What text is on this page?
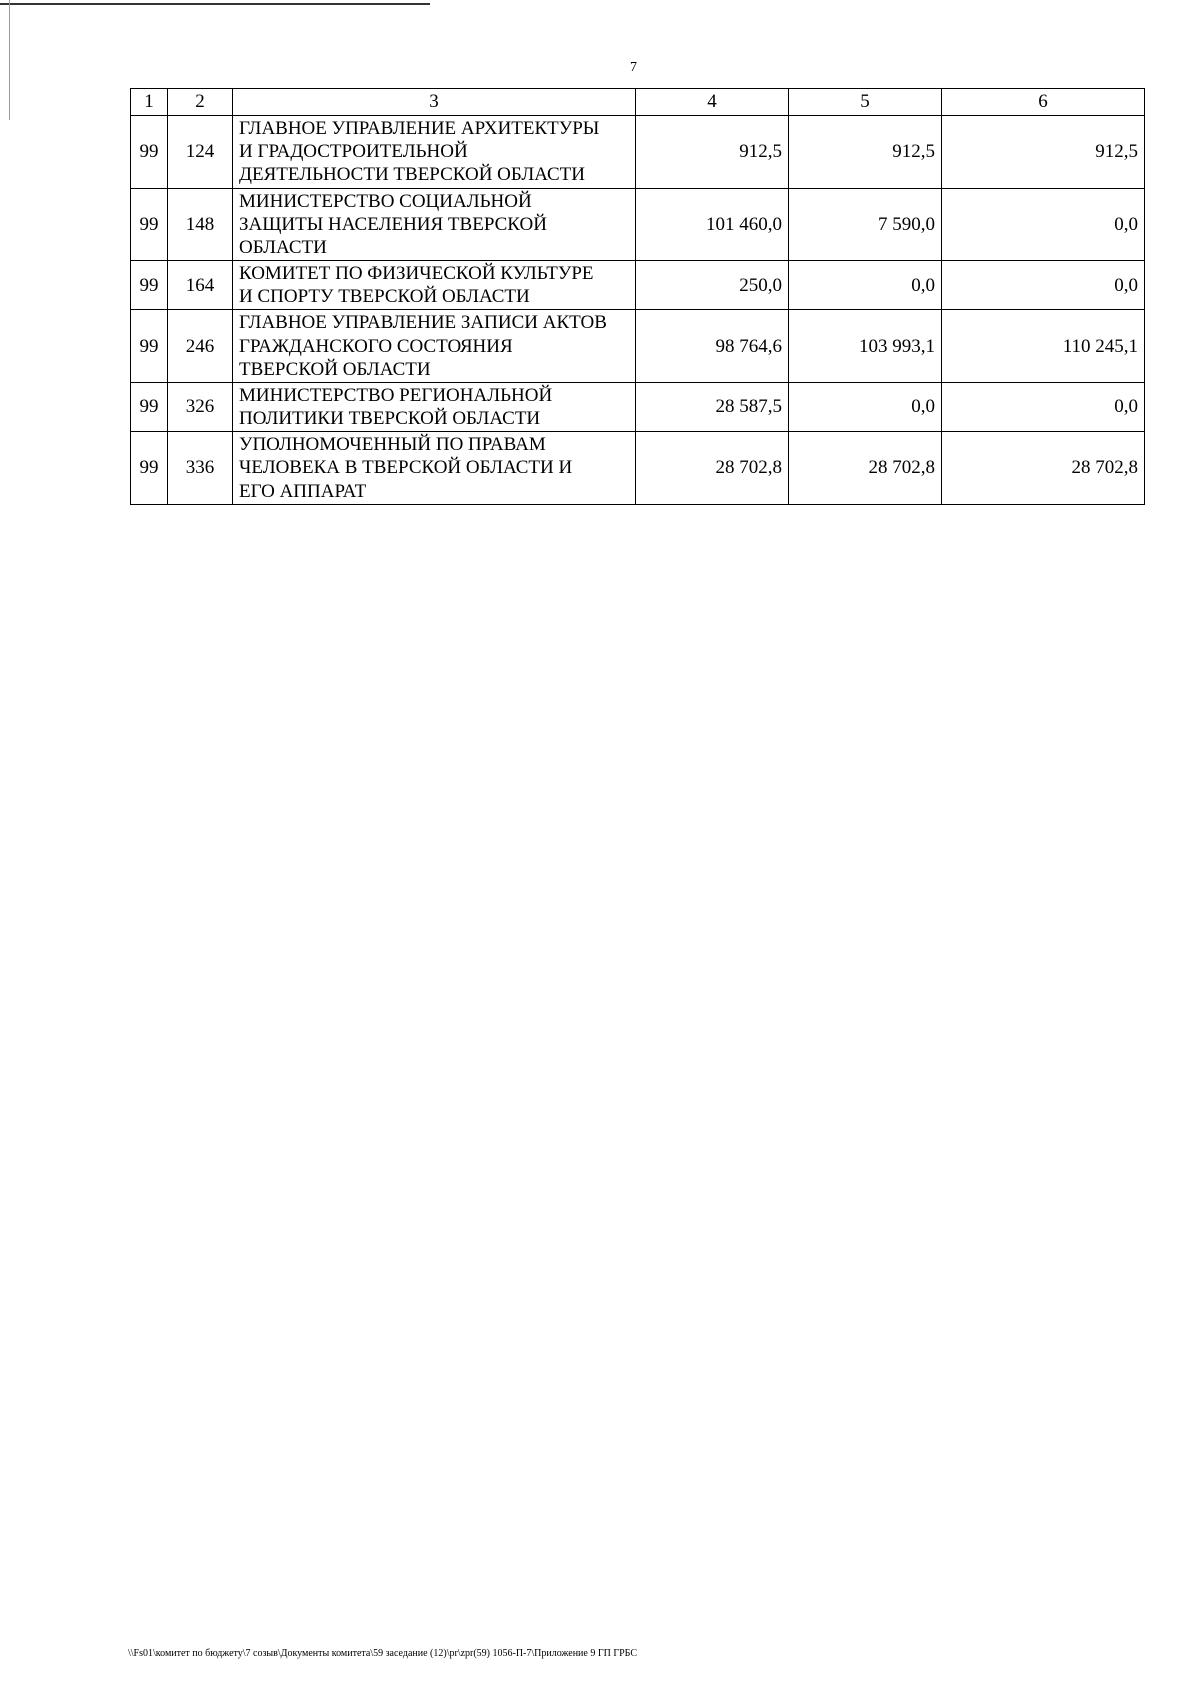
7
1	2	3	4	5	6
99	124	ГЛАВНОЕ УПРАВЛЕНИЕ АРХИТЕКТУРЫ
И ГРАДОСТРОИТЕЛЬНОЙ
ДЕЯТЕЛЬНОСТИ ТВЕРСКОЙ ОБЛАСТИ	912,5	912,5	912,5
99	148	МИНИСТЕРСТВО СОЦИАЛЬНОЙ
ЗАЩИТЫ НАСЕЛЕНИЯ ТВЕРСКОЙ
ОБЛАСТИ	101 460,0	7 590,0	0,0
99	164	КОМИТЕТ ПО ФИЗИЧЕСКОЙ КУЛЬТУРЕ
И СПОРТУ ТВЕРСКОЙ ОБЛАСТИ	250,0	0,0	0,0
99	246	ГЛАВНОЕ УПРАВЛЕНИЕ ЗАПИСИ АКТОВ
ГРАЖДАНСКОГО СОСТОЯНИЯ
ТВЕРСКОЙ ОБЛАСТИ	98 764,6	103 993,1	110 245,1
99	326	МИНИСТЕРСТВО РЕГИОНАЛЬНОЙ
ПОЛИТИКИ ТВЕРСКОЙ ОБЛАСТИ	28 587,5	0,0	0,0
99	336	УПОЛНОМОЧЕННЫЙ ПО ПРАВАМ
ЧЕЛОВЕКА В ТВЕРСКОЙ ОБЛАСТИ И
ЕГО АППАРАТ	28 702,8	28 702,8	28 702,8
\\Fs01\комитет по бюджету\7 созыв\Документы комитета\59 заседание (12)\pr\zpr(59) 1056-П-7\Приложение 9 ГП ГРБС
